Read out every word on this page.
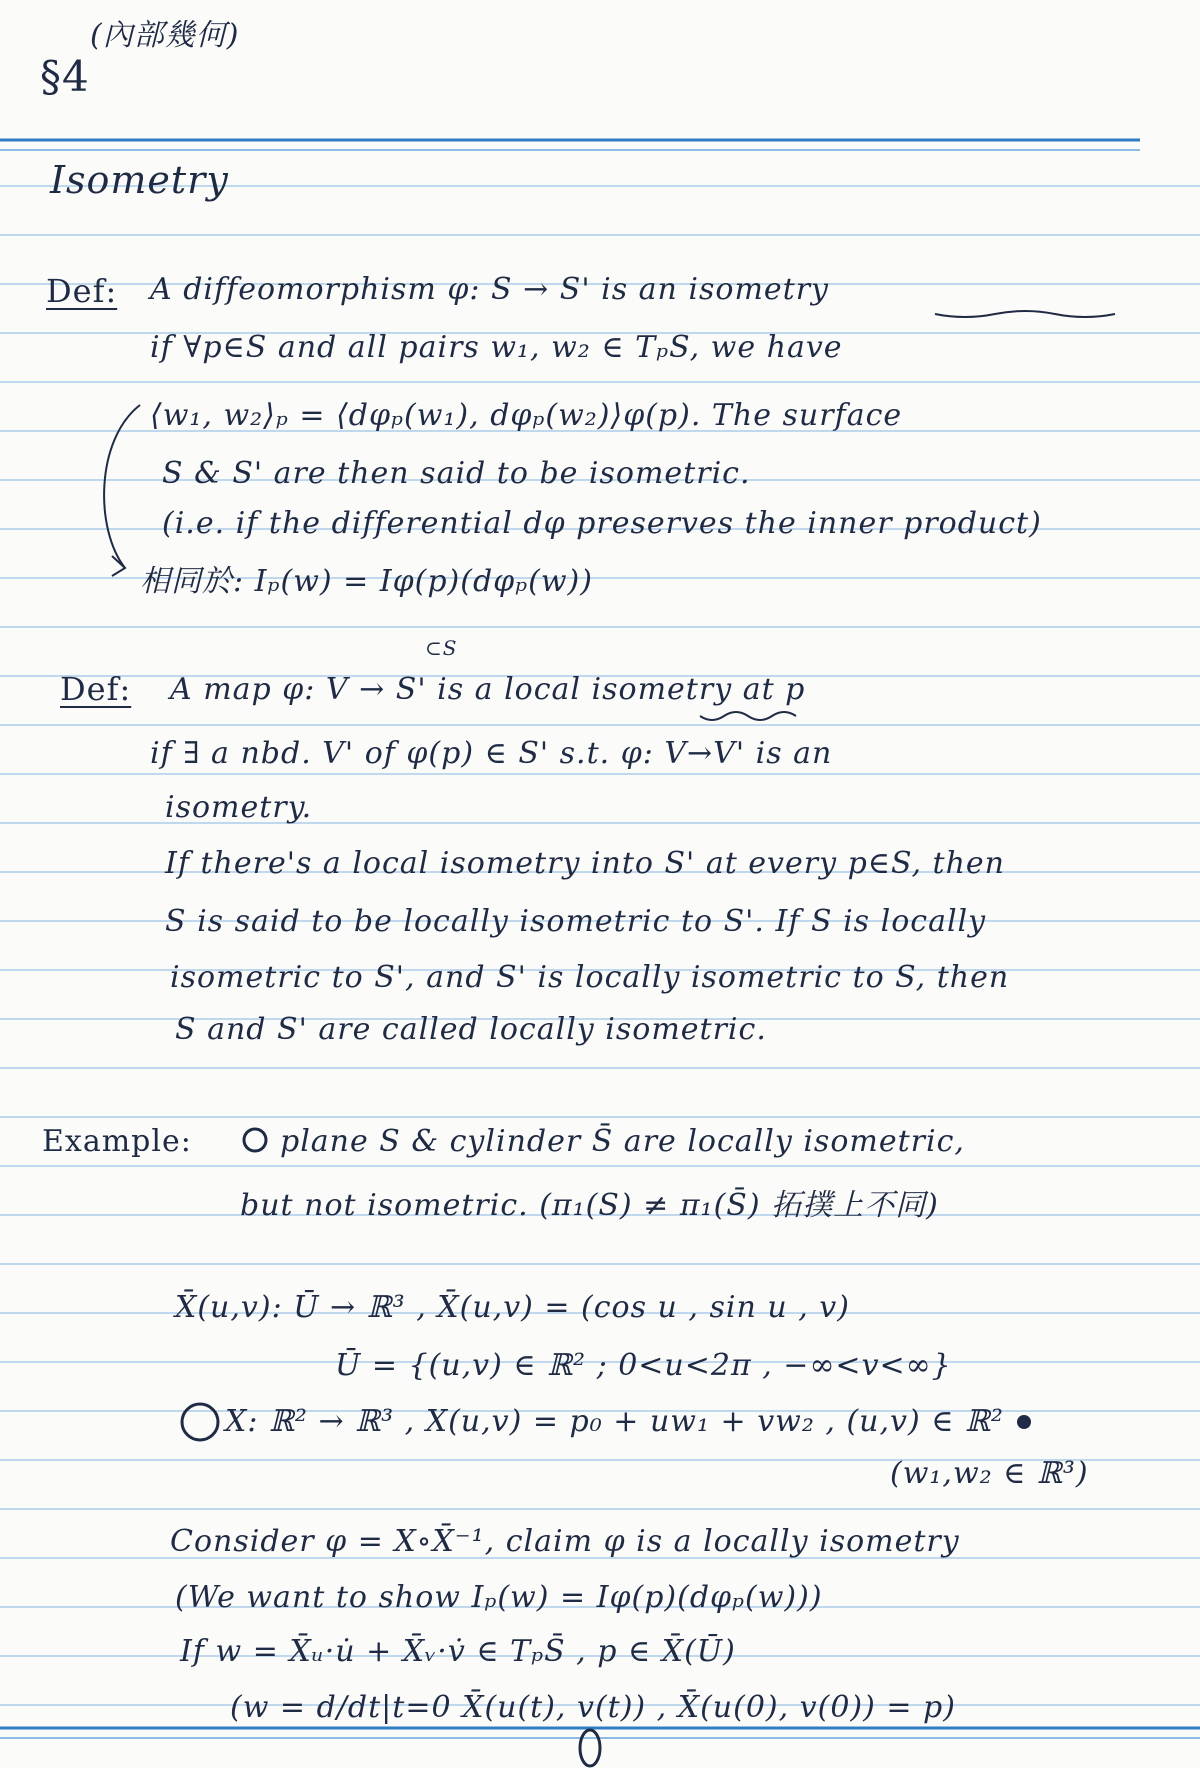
(內部幾何)
§4
Isometry
Def: A diffeomorphism φ: S → S' is an isometry
if ∀p∈S and all pairs w₁, w₂ ∈ TₚS, we have
⟨w₁, w₂⟩ₚ = ⟨dφₚ(w₁), dφₚ(w₂)⟩φ(p). The surface
S & S' are then said to be isometric.
(i.e. if the differential dφ preserves the inner product)
相同於: Iₚ(w) = Iφ(p)(dφₚ(w))
Def:
⊂S
A map φ: V → S' is a local isometry at p
if ∃ a nbd. V' of φ(p) ∈ S' s.t. φ: V→V' is an
isometry.
If there's a local isometry into S' at every p∈S, then
S is said to be locally isometric to S'. If S is locally
isometric to S', and S' is locally isometric to S, then
S and S' are called locally isometric.
Example:	plane S & cylinder S̄ are locally isometric,
but not isometric. (π₁(S) ≠ π₁(S̄) 拓撲上不同)
X̄(u,v): Ū → ℝ³ , X̄(u,v) = (cos u , sin u , v)
Ū = {(u,v) ∈ ℝ² ; 0<u<2π , −∞<v<∞}
X: ℝ² → ℝ³ , X(u,v) = p₀ + uw₁ + vw₂ , (u,v) ∈ ℝ²
(w₁,w₂ ∈ ℝ³)
Consider φ = X∘X̄⁻¹, claim φ is a locally isometry
(We want to show Iₚ(w) = Iφ(p)(dφₚ(w)))
If w = X̄ᵤ·u̇ + X̄ᵥ·v̇ ∈ TₚS̄ , p ∈ X̄(Ū)
(w = d/dt|t=0 X̄(u(t), v(t)) , X̄(u(0), v(0)) = p)
